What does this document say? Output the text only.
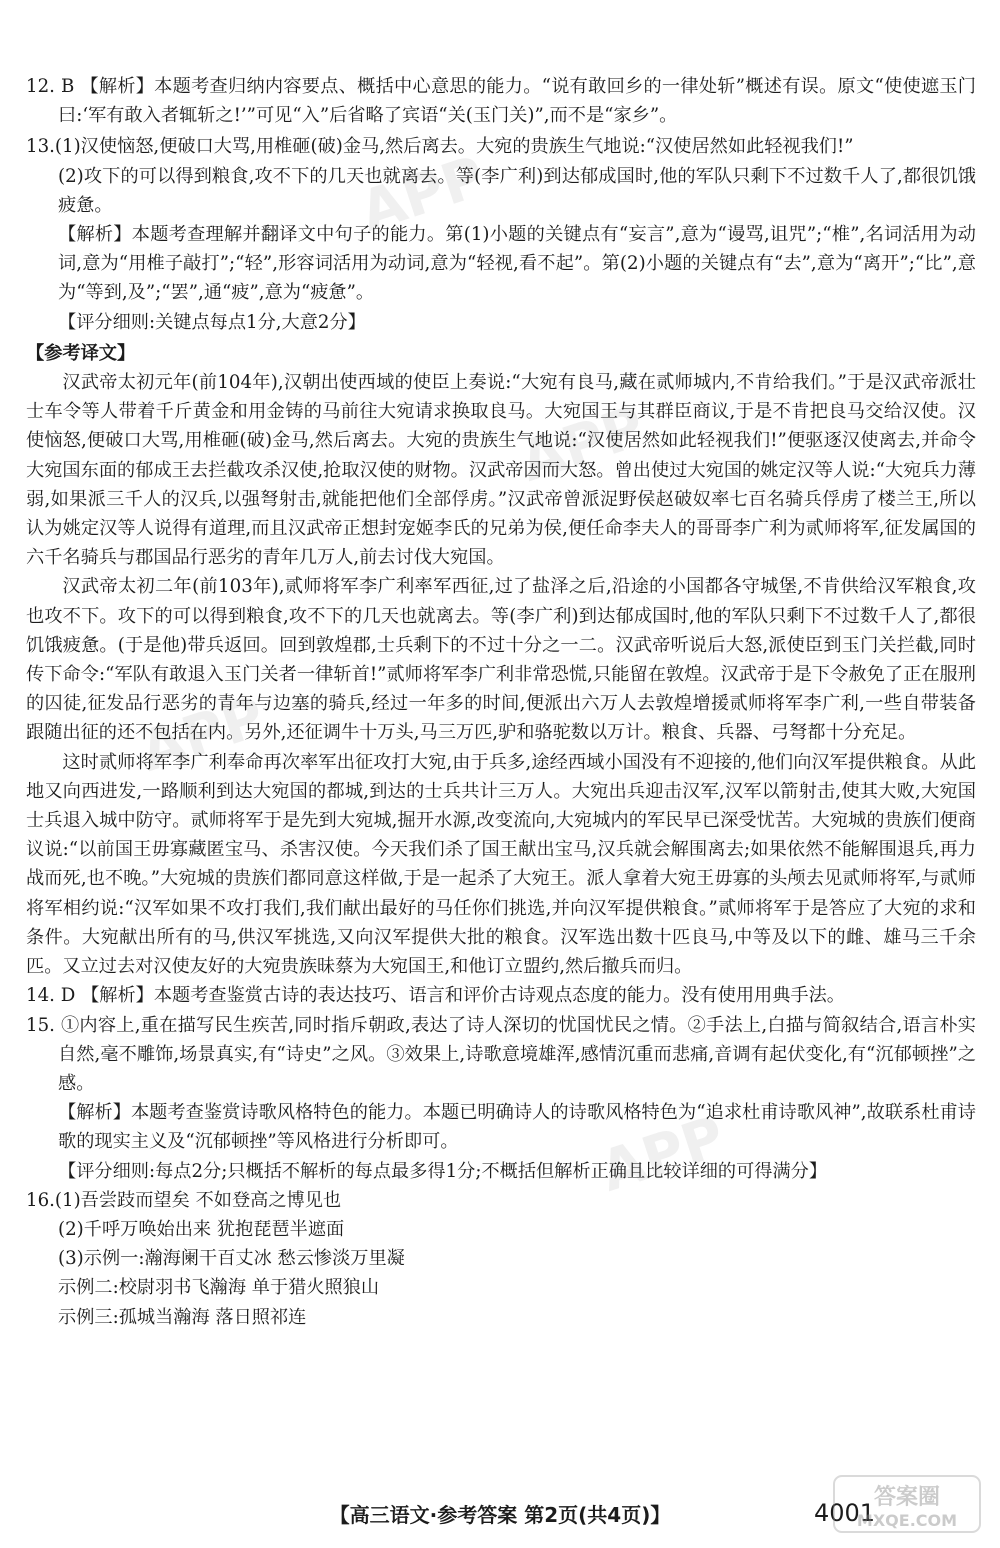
APP
APP
APP
APP

12. B 【解析】本题考查归纳内容要点、概括中心意思的能力。“说有敢回乡的一律处斩”概述有误。原文“使使遮玉门曰:‘军有敢入者辄斩之!’”可见“入”后省略了宾语“关(玉门关)”,而不是“家乡”。

13.(1)汉使恼怒,便破口大骂,用椎砸(破)金马,然后离去。大宛的贵族生气地说:“汉使居然如此轻视我们!”

(2)攻下的可以得到粮食,攻不下的几天也就离去。等(李广利)到达郁成国时,他的军队只剩下不过数千人了,都很饥饿疲惫。

【解析】本题考查理解并翻译文中句子的能力。第(1)小题的关键点有“妄言”,意为“谩骂,诅咒”;“椎”,名词活用为动词,意为“用椎子敲打”;“轻”,形容词活用为动词,意为“轻视,看不起”。第(2)小题的关键点有“去”,意为“离开”;“比”,意为“等到,及”;“罢”,通“疲”,意为“疲惫”。

【评分细则:关键点每点1分,大意2分】

【参考译文】

汉武帝太初元年(前104年),汉朝出使西域的使臣上奏说:“大宛有良马,藏在贰师城内,不肯给我们。”于是汉武帝派壮士车令等人带着千斤黄金和用金铸的马前往大宛请求换取良马。大宛国王与其群臣商议,于是不肯把良马交给汉使。汉使恼怒,便破口大骂,用椎砸(破)金马,然后离去。大宛的贵族生气地说:“汉使居然如此轻视我们!”便驱逐汉使离去,并命令大宛国东面的郁成王去拦截攻杀汉使,抢取汉使的财物。汉武帝因而大怒。曾出使过大宛国的姚定汉等人说:“大宛兵力薄弱,如果派三千人的汉兵,以强弩射击,就能把他们全部俘虏。”汉武帝曾派浞野侯赵破奴率七百名骑兵俘虏了楼兰王,所以认为姚定汉等人说得有道理,而且汉武帝正想封宠姬李氏的兄弟为侯,便任命李夫人的哥哥李广利为贰师将军,征发属国的六千名骑兵与郡国品行恶劣的青年几万人,前去讨伐大宛国。

汉武帝太初二年(前103年),贰师将军李广利率军西征,过了盐泽之后,沿途的小国都各守城堡,不肯供给汉军粮食,攻也攻不下。攻下的可以得到粮食,攻不下的几天也就离去。等(李广利)到达郁成国时,他的军队只剩下不过数千人了,都很饥饿疲惫。(于是他)带兵返回。回到敦煌郡,士兵剩下的不过十分之一二。汉武帝听说后大怒,派使臣到玉门关拦截,同时传下命令:“军队有敢退入玉门关者一律斩首!”贰师将军李广利非常恐慌,只能留在敦煌。汉武帝于是下令赦免了正在服刑的囚徒,征发品行恶劣的青年与边塞的骑兵,经过一年多的时间,便派出六万人去敦煌增援贰师将军李广利,一些自带装备跟随出征的还不包括在内。另外,还征调牛十万头,马三万匹,驴和骆驼数以万计。粮食、兵器、弓弩都十分充足。

这时贰师将军李广利奉命再次率军出征攻打大宛,由于兵多,途经西域小国没有不迎接的,他们向汉军提供粮食。从此地又向西进发,一路顺利到达大宛国的都城,到达的士兵共计三万人。大宛出兵迎击汉军,汉军以箭射击,使其大败,大宛国士兵退入城中防守。贰师将军于是先到大宛城,掘开水源,改变流向,大宛城内的军民早已深受忧苦。大宛城的贵族们便商议说:“以前国王毋寡藏匿宝马、杀害汉使。今天我们杀了国王献出宝马,汉兵就会解围离去;如果依然不能解围退兵,再力战而死,也不晚。”大宛城的贵族们都同意这样做,于是一起杀了大宛王。派人拿着大宛王毋寡的头颅去见贰师将军,与贰师将军相约说:“汉军如果不攻打我们,我们献出最好的马任你们挑选,并向汉军提供粮食。”贰师将军于是答应了大宛的求和条件。大宛献出所有的马,供汉军挑选,又向汉军提供大批的粮食。汉军选出数十匹良马,中等及以下的雌、雄马三千余匹。又立过去对汉使友好的大宛贵族昧蔡为大宛国王,和他订立盟约,然后撤兵而归。

14. D 【解析】本题考查鉴赏古诗的表达技巧、语言和评价古诗观点态度的能力。没有使用用典手法。

15. ①内容上,重在描写民生疾苦,同时指斥朝政,表达了诗人深切的忧国忧民之情。②手法上,白描与简叙结合,语言朴实自然,毫不雕饰,场景真实,有“诗史”之风。③效果上,诗歌意境雄浑,感情沉重而悲痛,音调有起伏变化,有“沉郁顿挫”之感。

【解析】本题考查鉴赏诗歌风格特色的能力。本题已明确诗人的诗歌风格特色为“追求杜甫诗歌风神”,故联系杜甫诗歌的现实主义及“沉郁顿挫”等风格进行分析即可。

【评分细则:每点2分;只概括不解析的每点最多得1分;不概括但解析正确且比较详细的可得满分】

16.(1)吾尝跂而望矣 不如登高之博见也

(2)千呼万唤始出来 犹抱琵琶半遮面

(3)示例一:瀚海阑干百丈冰 愁云惨淡万里凝

示例二:校尉羽书飞瀚海 单于猎火照狼山

示例三:孤城当瀚海 落日照祁连

【高三语文·参考答案 第2页(共4页)】	4001
答案圈
MXQE.COM
